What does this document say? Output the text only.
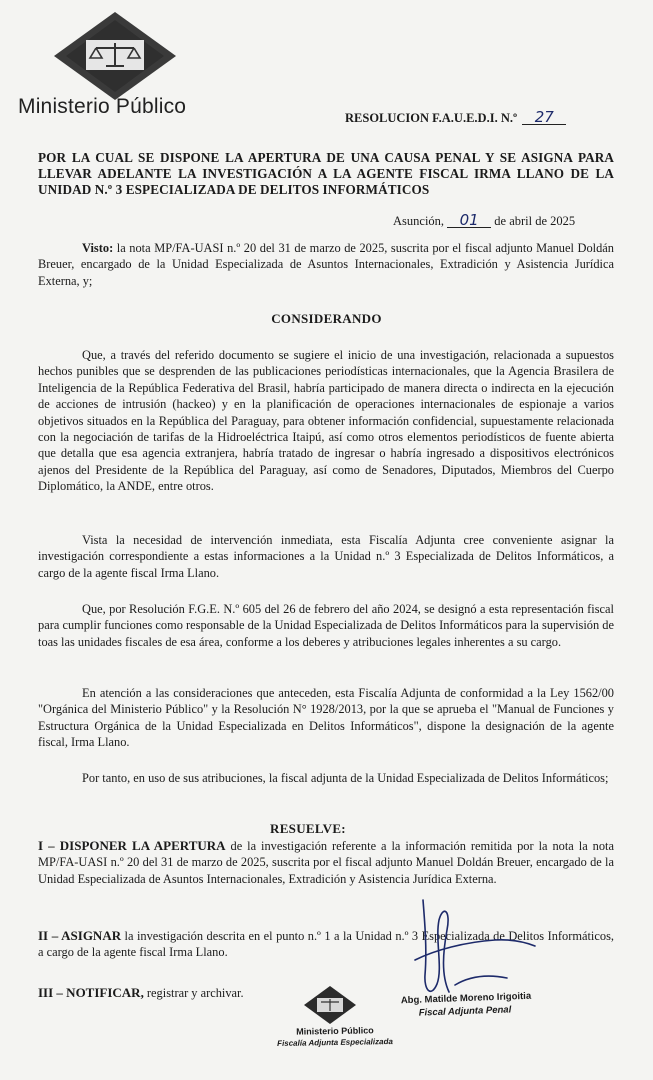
Ministerio Público	RESOLUCION F.A.U.E.D.I. N.º 27
POR LA CUAL SE DISPONE LA APERTURA DE UNA CAUSA PENAL Y SE ASIGNA PARA LLEVAR ADELANTE LA INVESTIGACIÓN A LA AGENTE FISCAL IRMA LLANO DE LA UNIDAD N.º 3 ESPECIALIZADA DE DELITOS INFORMÁTICOS
Asunción, 01 de abril de 2025
Visto: la nota MP/FA-UASI n.º 20 del 31 de marzo de 2025, suscrita por el fiscal adjunto Manuel Doldán Breuer, encargado de la Unidad Especializada de Asuntos Internacionales, Extradición y Asistencia Jurídica Externa, y;
CONSIDERANDO
Que, a través del referido documento se sugiere el inicio de una investigación, relacionada a supuestos hechos punibles que se desprenden de las publicaciones periodísticas internacionales, que la Agencia Brasilera de Inteligencia de la República Federativa del Brasil, habría participado de manera directa o indirecta en la ejecución de acciones de intrusión (hackeo) y en la planificación de operaciones internacionales de espionaje a varios objetivos situados en la República del Paraguay, para obtener información confidencial, supuestamente relacionada con la negociación de tarifas de la Hidroeléctrica Itaipú, así como otros elementos periodísticos de fuente abierta que detalla que esa agencia extranjera, habría tratado de ingresar o habría ingresado a dispositivos electrónicos ajenos del Presidente de la República del Paraguay, así como de Senadores, Diputados, Miembros del Cuerpo Diplomático, la ANDE, entre otros.
Vista la necesidad de intervención inmediata, esta Fiscalía Adjunta cree conveniente asignar la investigación correspondiente a estas informaciones a la Unidad n.º 3 Especializada de Delitos Informáticos, a cargo de la agente fiscal Irma Llano.
Que, por Resolución F.G.E. N.º 605 del 26 de febrero del año 2024, se designó a esta representación fiscal para cumplir funciones como responsable de la Unidad Especializada de Delitos Informáticos para la supervisión de toas las unidades fiscales de esa área, conforme a los deberes y atribuciones legales inherentes a su cargo.
En atención a las consideraciones que anteceden, esta Fiscalía Adjunta de conformidad a la Ley 1562/00 "Orgánica del Ministerio Público" y la Resolución N° 1928/2013, por la que se aprueba el "Manual de Funciones y Estructura Orgánica de la Unidad Especializada en Delitos Informáticos", dispone la designación de la agente fiscal, Irma Llano.
Por tanto, en uso de sus atribuciones, la fiscal adjunta de la Unidad Especializada de Delitos Informáticos;
RESUELVE:
I – DISPONER LA APERTURA de la investigación referente a la información remitida por la nota la nota MP/FA-UASI n.º 20 del 31 de marzo de 2025, suscrita por el fiscal adjunto Manuel Doldán Breuer, encargado de la Unidad Especializada de Asuntos Internacionales, Extradición y Asistencia Jurídica Externa.
II – ASIGNAR la investigación descrita en el punto n.º 1 a la Unidad n.º 3 Especializada de Delitos Informáticos, a cargo de la agente fiscal Irma Llano.
III – NOTIFICAR, registrar y archivar.
Ministerio Público
Fiscalía Adjunta Especializada
Abg. Matilde Moreno Irigoitia
Fiscal Adjunta Penal
